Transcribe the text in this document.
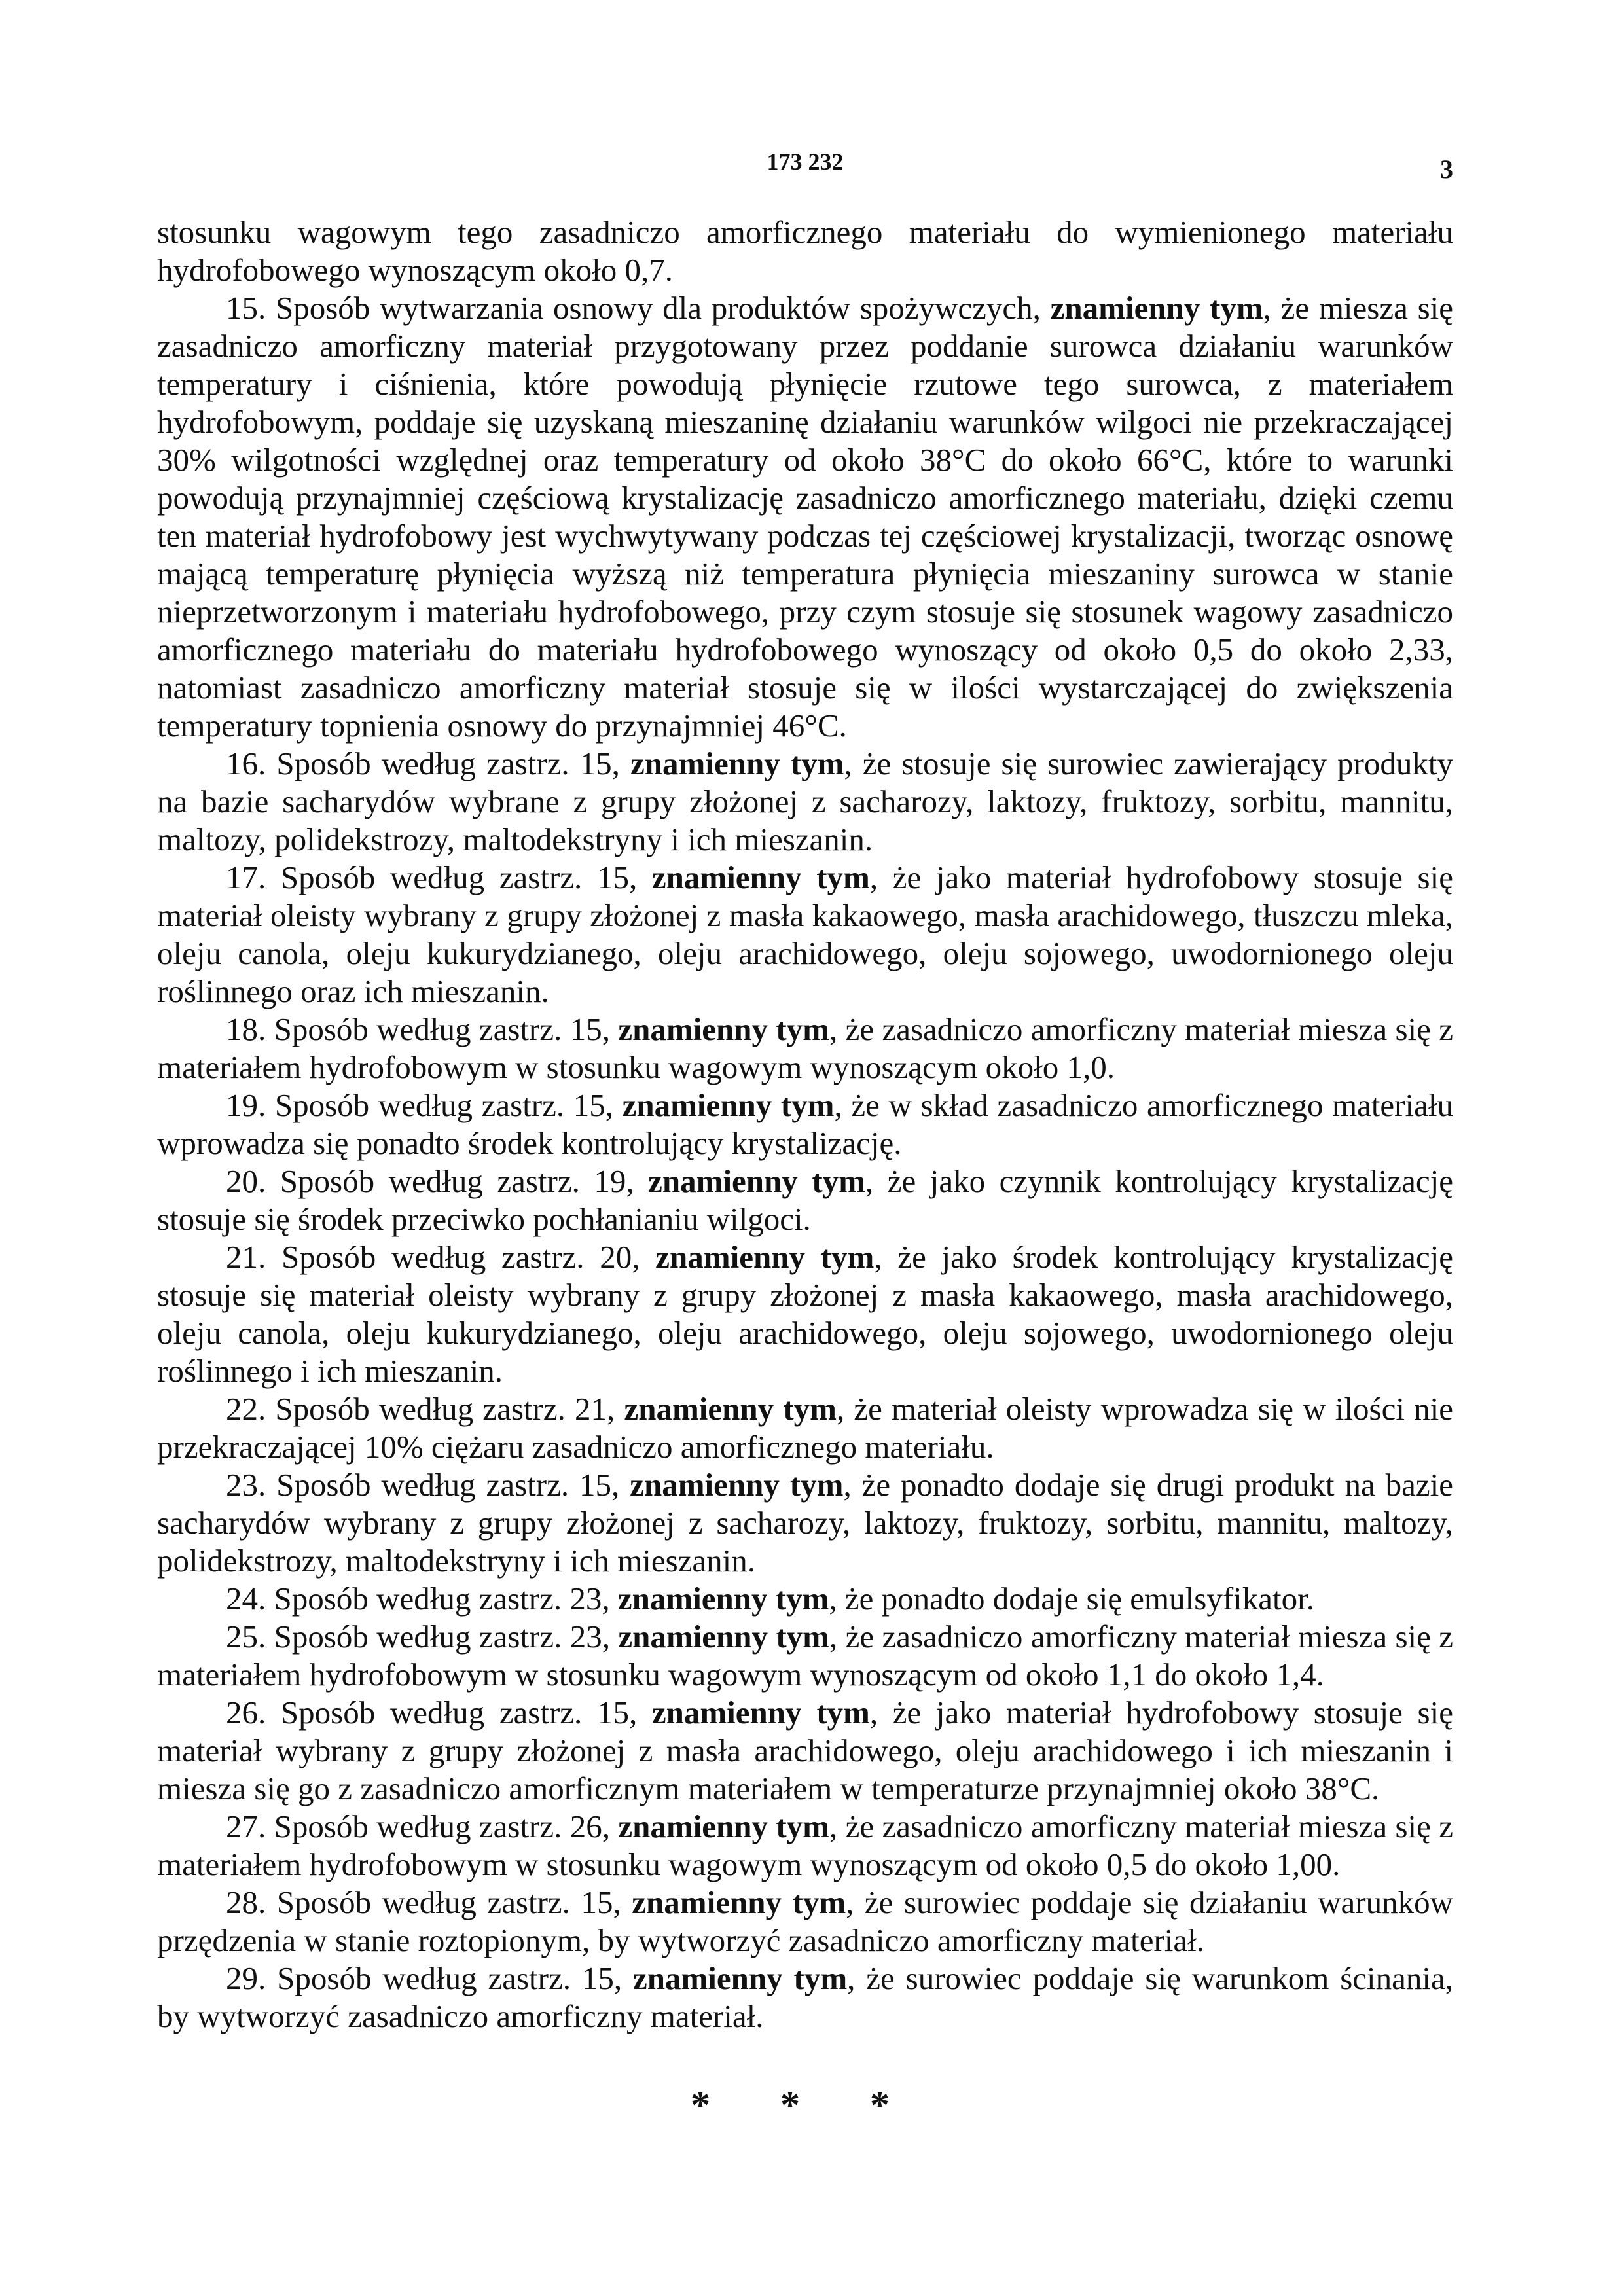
173 232	3

stosunku wagowym tego zasadniczo amorficznego materiału do wymienionego materiału hydrofobowego wynoszącym około 0,7.

15. Sposób wytwarzania osnowy dla produktów spożywczych, znamienny tym, że miesza się zasadniczo amorficzny materiał przygotowany przez poddanie surowca działaniu warunków temperatury i ciśnienia, które powodują płynięcie rzutowe tego surowca, z materiałem hydrofobowym, poddaje się uzyskaną mieszaninę działaniu warunków wilgoci nie przekraczającej 30% wilgotności względnej oraz temperatury od około 38°C do około 66°C, które to warunki powodują przynajmniej częściową krystalizację zasadniczo amorficznego materiału, dzięki czemu ten materiał hydrofobowy jest wychwytywany podczas tej częściowej krystalizacji, tworząc osnowę mającą temperaturę płynięcia wyższą niż temperatura płynięcia mieszaniny surowca w stanie nieprzetworzonym i materiału hydrofobowego, przy czym stosuje się stosunek wagowy zasadniczo amorficznego materiału do materiału hydrofobowego wynoszący od około 0,5 do około 2,33, natomiast zasadniczo amorficzny materiał stosuje się w ilości wystarczającej do zwiększenia temperatury topnienia osnowy do przynajmniej 46°C.

16. Sposób według zastrz. 15, znamienny tym, że stosuje się surowiec zawierający produkty na bazie sacharydów wybrane z grupy złożonej z sacharozy, laktozy, fruktozy, sorbitu, mannitu, maltozy, polidekstrozy, maltodekstryny i ich mieszanin.

17. Sposób według zastrz. 15, znamienny tym, że jako materiał hydrofobowy stosuje się materiał oleisty wybrany z grupy złożonej z masła kakaowego, masła arachidowego, tłuszczu mleka, oleju canola, oleju kukurydzianego, oleju arachidowego, oleju sojowego, uwodornionego oleju roślinnego oraz ich mieszanin.

18. Sposób według zastrz. 15, znamienny tym, że zasadniczo amorficzny materiał miesza się z materiałem hydrofobowym w stosunku wagowym wynoszącym około 1,0.

19. Sposób według zastrz. 15, znamienny tym, że w skład zasadniczo amorficznego materiału wprowadza się ponadto środek kontrolujący krystalizację.

20. Sposób według zastrz. 19, znamienny tym, że jako czynnik kontrolujący krystalizację stosuje się środek przeciwko pochłanianiu wilgoci.

21. Sposób według zastrz. 20, znamienny tym, że jako środek kontrolujący krystalizację stosuje się materiał oleisty wybrany z grupy złożonej z masła kakaowego, masła arachidowego, oleju canola, oleju kukurydzianego, oleju arachidowego, oleju sojowego, uwodornionego oleju roślinnego i ich mieszanin.

22. Sposób według zastrz. 21, znamienny tym, że materiał oleisty wprowadza się w ilości nie przekraczającej 10% ciężaru zasadniczo amorficznego materiału.

23. Sposób według zastrz. 15, znamienny tym, że ponadto dodaje się drugi produkt na bazie sacharydów wybrany z grupy złożonej z sacharozy, laktozy, fruktozy, sorbitu, mannitu, maltozy, polidekstrozy, maltodekstryny i ich mieszanin.

24. Sposób według zastrz. 23, znamienny tym, że ponadto dodaje się emulsyfikator.

25. Sposób według zastrz. 23, znamienny tym, że zasadniczo amorficzny materiał miesza się z materiałem hydrofobowym w stosunku wagowym wynoszącym od około 1,1 do około 1,4.

26. Sposób według zastrz. 15, znamienny tym, że jako materiał hydrofobowy stosuje się materiał wybrany z grupy złożonej z masła arachidowego, oleju arachidowego i ich mieszanin i miesza się go z zasadniczo amorficznym materiałem w temperaturze przynajmniej około 38°C.

27. Sposób według zastrz. 26, znamienny tym, że zasadniczo amorficzny materiał miesza się z materiałem hydrofobowym w stosunku wagowym wynoszącym od około 0,5 do około 1,00.

28. Sposób według zastrz. 15, znamienny tym, że surowiec poddaje się działaniu warunków przędzenia w stanie roztopionym, by wytworzyć zasadniczo amorficzny materiał.

29. Sposób według zastrz. 15, znamienny tym, że surowiec poddaje się warunkom ścinania, by wytworzyć zasadniczo amorficzny materiał.

* * *
